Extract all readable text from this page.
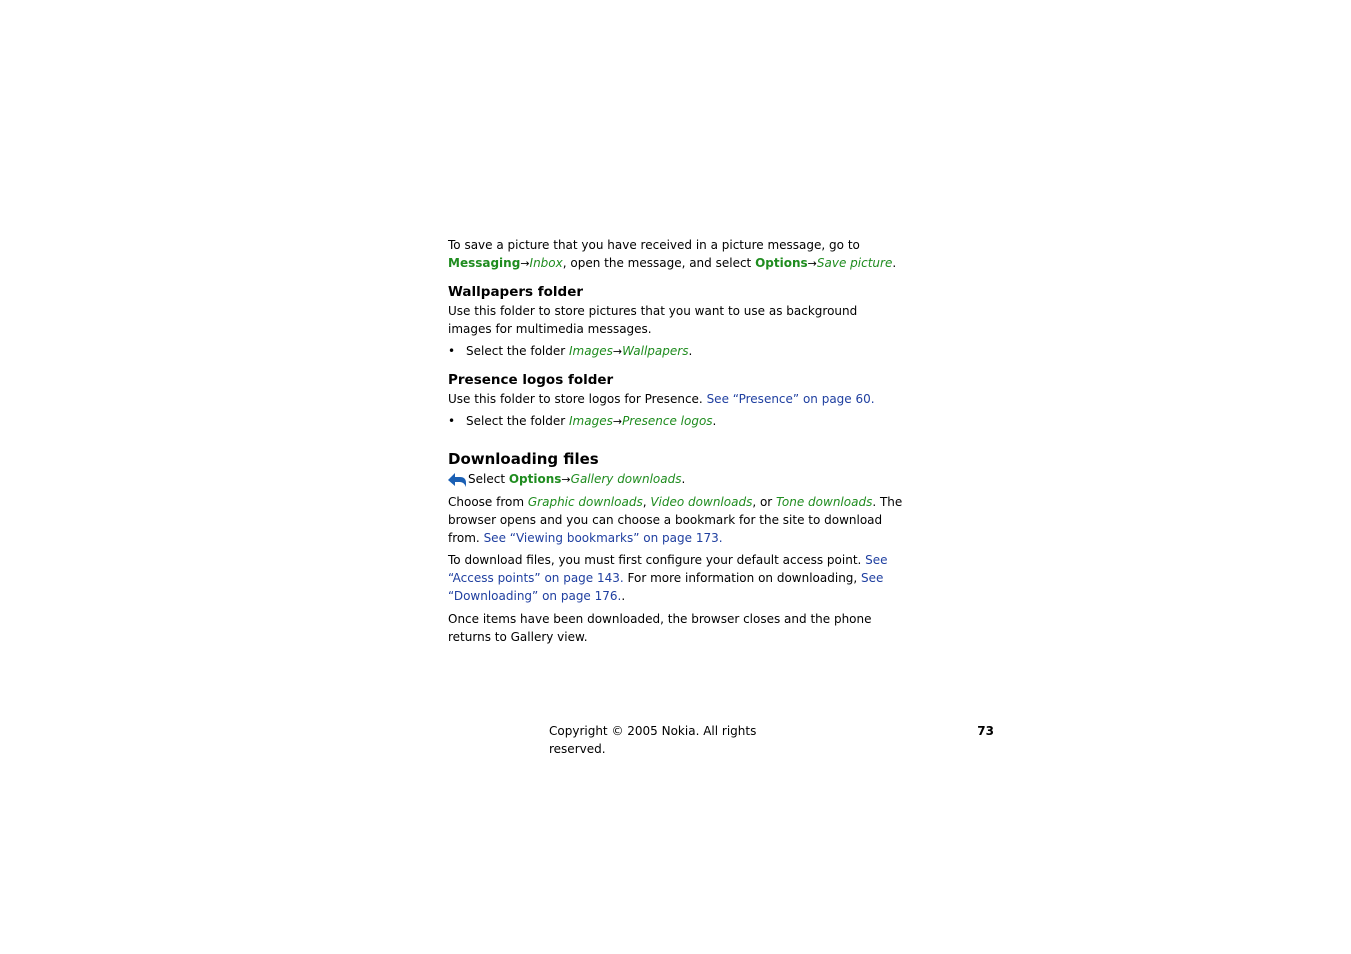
To save a picture that you have received in a picture message, go to
Messaging→Inbox, open the message, and select Options→Save picture.

Wallpapers folder

Use this folder to store pictures that you want to use as background images for multimedia messages.

• Select the folder Images→Wallpapers.
Presence logos folder

Use this folder to store logos for Presence. See “Presence” on page 60.

• Select the folder Images→Presence logos.
Downloading files
Select Options→Gallery downloads.

Choose from Graphic downloads, Video downloads, or Tone downloads. The browser opens and you can choose a bookmark for the site to download from. See “Viewing bookmarks” on page 173.

To download files, you must first configure your default access point. See “Access points” on page 143. For more information on downloading, See “Downloading” on page 176..

Once items have been downloaded, the browser closes and the phone returns to Gallery view.

Copyright © 2005 Nokia. All rights reserved.
73
